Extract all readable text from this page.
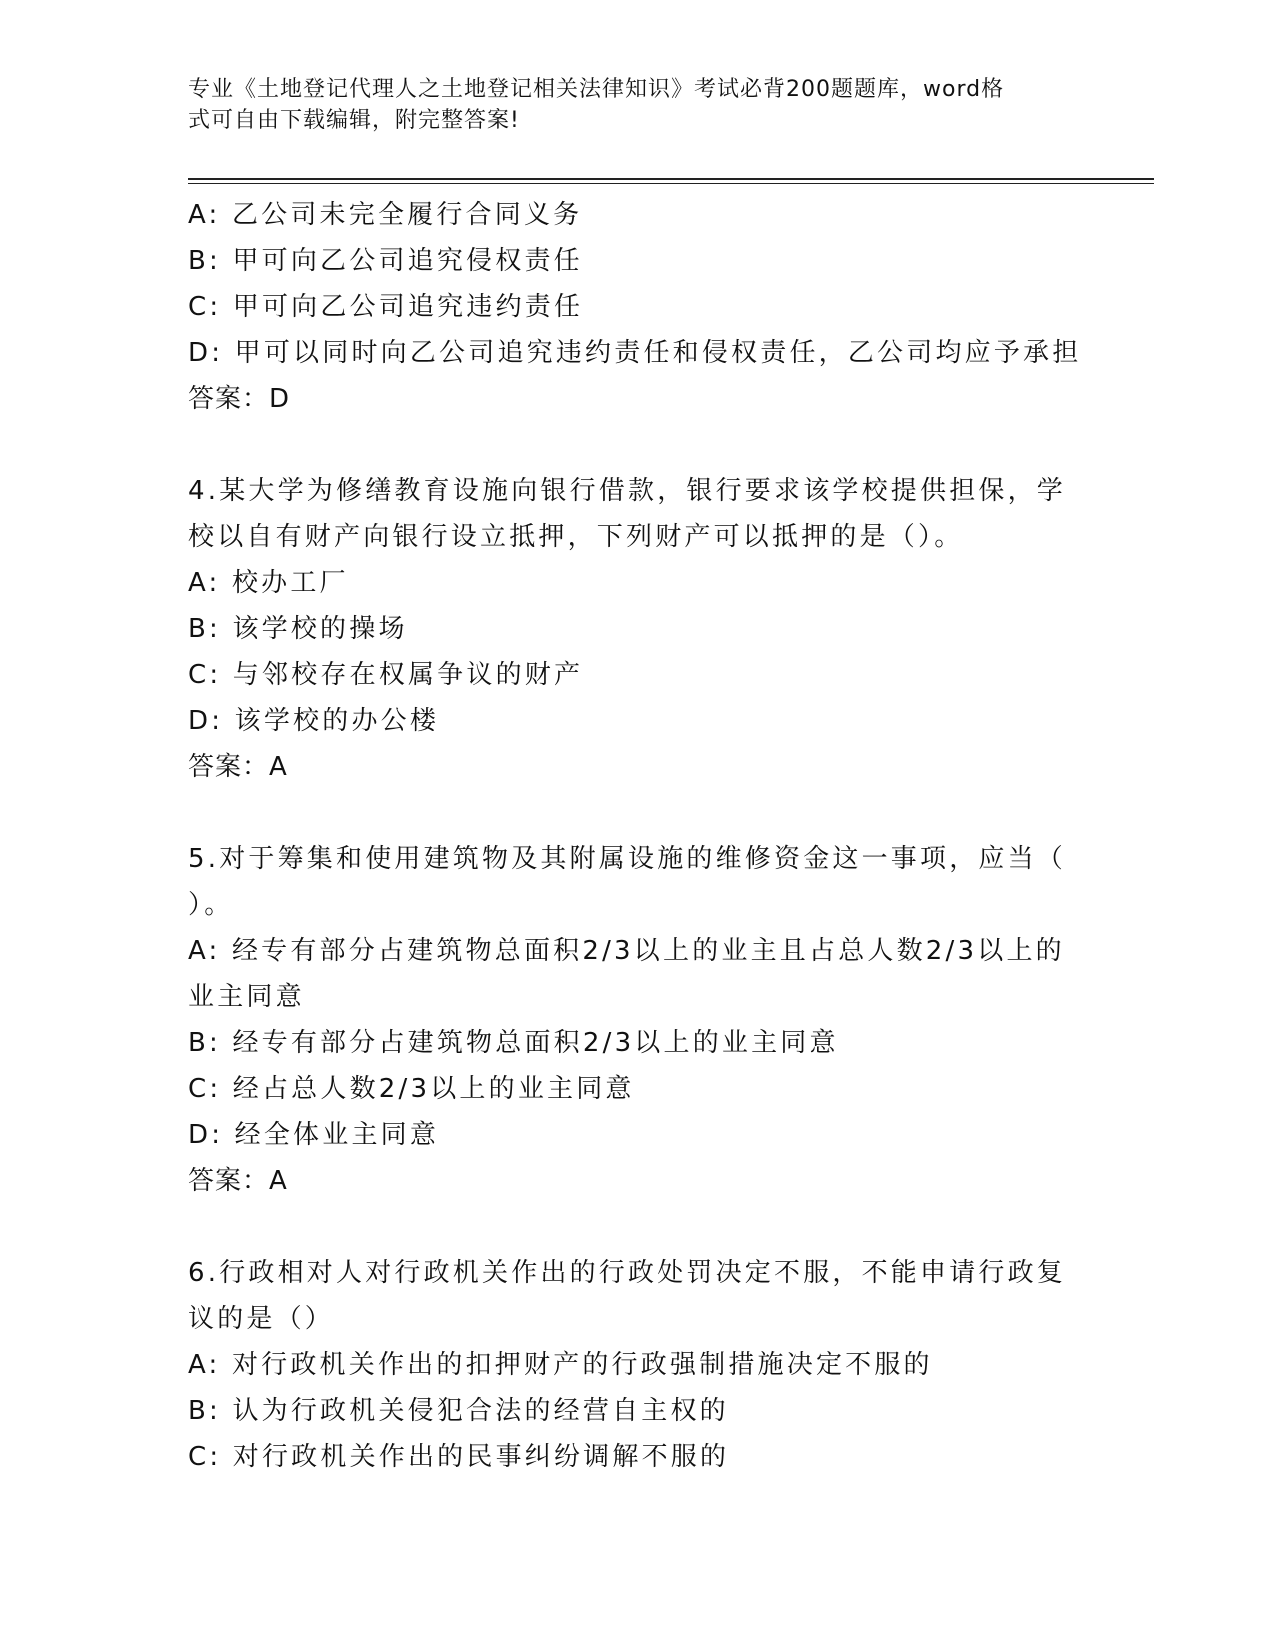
专业《土地登记代理人之土地登记相关法律知识》考试必背200题题库，word格
式可自由下载编辑，附完整答案!
A: 乙公司未完全履行合同义务
B: 甲可向乙公司追究侵权责任
C: 甲可向乙公司追究违约责任
D: 甲可以同时向乙公司追究违约责任和侵权责任，乙公司均应予承担
答案：D
4.某大学为修缮教育设施向银行借款，银行要求该学校提供担保，学
校以自有财产向银行设立抵押，下列财产可以抵押的是（）。
A: 校办工厂
B: 该学校的操场
C: 与邻校存在权属争议的财产
D: 该学校的办公楼
答案：A
5.对于筹集和使用建筑物及其附属设施的维修资金这一事项，应当（
）。
A: 经专有部分占建筑物总面积2/3以上的业主且占总人数2/3以上的
业主同意
B: 经专有部分占建筑物总面积2/3以上的业主同意
C: 经占总人数2/3以上的业主同意
D: 经全体业主同意
答案：A
6.行政相对人对行政机关作出的行政处罚决定不服，不能申请行政复
议的是（）
A: 对行政机关作出的扣押财产的行政强制措施决定不服的
B: 认为行政机关侵犯合法的经营自主权的
C: 对行政机关作出的民事纠纷调解不服的
